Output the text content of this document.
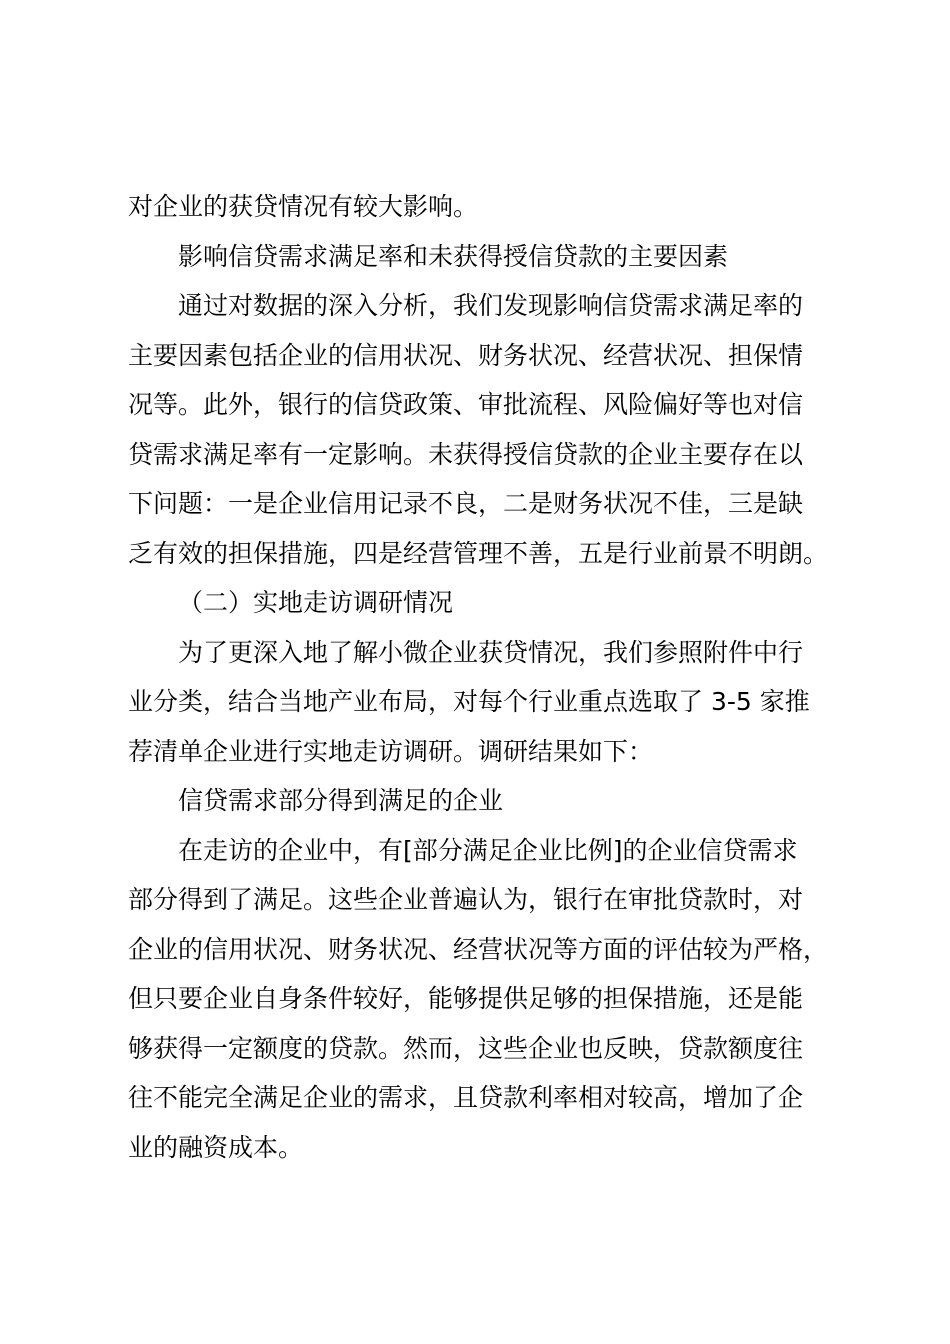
对企业的获贷情况有较大影响。

影响信贷需求满足率和未获得授信贷款的主要因素

通过对数据的深入分析，我们发现影响信贷需求满足率的

主要因素包括企业的信用状况、财务状况、经营状况、担保情

况等。此外，银行的信贷政策、审批流程、风险偏好等也对信

贷需求满足率有一定影响。未获得授信贷款的企业主要存在以

下问题：一是企业信用记录不良，二是财务状况不佳，三是缺

乏有效的担保措施，四是经营管理不善，五是行业前景不明朗。

（二）实地走访调研情况

为了更深入地了解小微企业获贷情况，我们参照附件中行

业分类，结合当地产业布局，对每个行业重点选取了 3-5 家推

荐清单企业进行实地走访调研。调研结果如下：

信贷需求部分得到满足的企业

在走访的企业中，有[部分满足企业比例]的企业信贷需求

部分得到了满足。这些企业普遍认为，银行在审批贷款时，对

企业的信用状况、财务状况、经营状况等方面的评估较为严格，

但只要企业自身条件较好，能够提供足够的担保措施，还是能

够获得一定额度的贷款。然而，这些企业也反映，贷款额度往

往不能完全满足企业的需求，且贷款利率相对较高，增加了企

业的融资成本。
